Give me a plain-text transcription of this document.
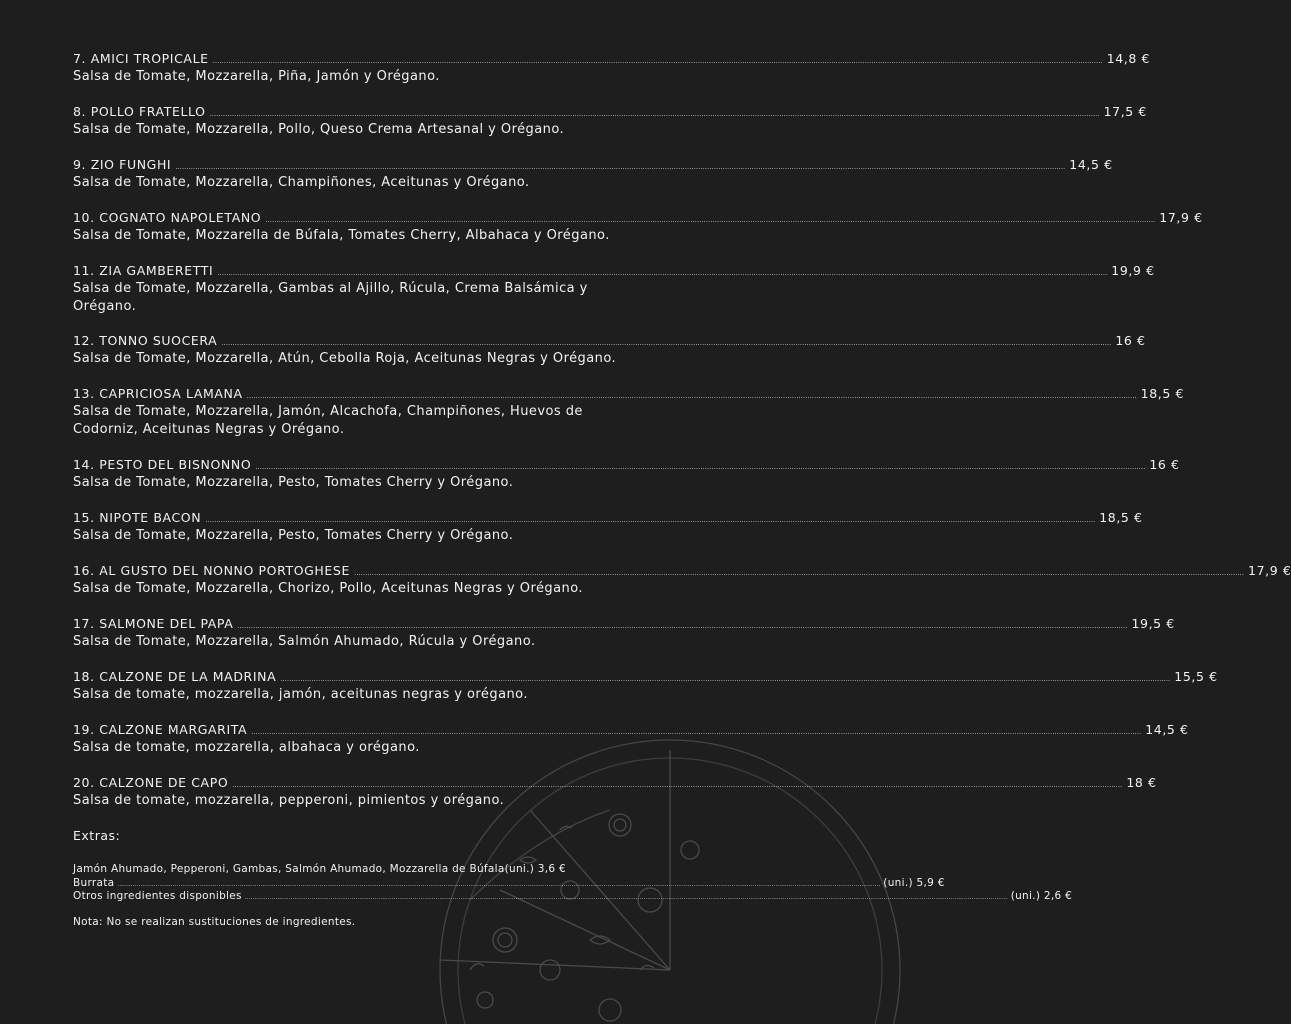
7. AMICI TROPICALE ................................................................................................................................................................................................................................................................................................................................................................................................................ 14,8 €
Salsa de Tomate, Mozzarella, Piña, Jamón y Orégano.
8. POLLO FRATELLO ................................................................................................................................................................................................................................................................................................................................................................................................................ 17,5 €
Salsa de Tomate, Mozzarella, Pollo, Queso Crema Artesanal y Orégano.
9. ZIO FUNGHI ................................................................................................................................................................................................................................................................................................................................................................................................................ 14,5 €
Salsa de Tomate, Mozzarella, Champiñones, Aceitunas y Orégano.
10. COGNATO NAPOLETANO ................................................................................................................................................................................................................................................................................................................................................................................................................ 17,9 €
Salsa de Tomate, Mozzarella de Búfala, Tomates Cherry, Albahaca y Orégano.
11. ZIA GAMBERETTI ................................................................................................................................................................................................................................................................................................................................................................................................................ 19,9 €
Salsa de Tomate, Mozzarella, Gambas al Ajillo, Rúcula, Crema Balsámica y Orégano.
12. TONNO SUOCERA ................................................................................................................................................................................................................................................................................................................................................................................................................ 16 €
Salsa de Tomate, Mozzarella, Atún, Cebolla Roja, Aceitunas Negras y Orégano.
13. CAPRICIOSA LAMANA ................................................................................................................................................................................................................................................................................................................................................................................................................ 18,5 €
Salsa de Tomate, Mozzarella, Jamón, Alcachofa, Champiñones, Huevos de Codorniz, Aceitunas Negras y Orégano.
14. PESTO DEL BISNONNO ................................................................................................................................................................................................................................................................................................................................................................................................................ 16 €
Salsa de Tomate, Mozzarella, Pesto, Tomates Cherry y Orégano.
15. NIPOTE BACON ................................................................................................................................................................................................................................................................................................................................................................................................................ 18,5 €
Salsa de Tomate, Mozzarella, Pesto, Tomates Cherry y Orégano.
16. AL GUSTO DEL NONNO PORTOGHESE ................................................................................................................................................................................................................................................................................................................................................................................................................ 17,9 €
Salsa de Tomate, Mozzarella, Chorizo, Pollo, Aceitunas Negras y Orégano.
17. SALMONE DEL PAPA ................................................................................................................................................................................................................................................................................................................................................................................................................ 19,5 €
Salsa de Tomate, Mozzarella, Salmón Ahumado, Rúcula y Orégano.
18. CALZONE DE LA MADRINA ................................................................................................................................................................................................................................................................................................................................................................................................................ 15,5 €
Salsa de tomate, mozzarella, jamón, aceitunas negras y orégano.
19. CALZONE MARGARITA ................................................................................................................................................................................................................................................................................................................................................................................................................ 14,5 €
Salsa de tomate, mozzarella, albahaca y orégano.
20. CALZONE DE CAPO ................................................................................................................................................................................................................................................................................................................................................................................................................ 18 €
Salsa de tomate, mozzarella, pepperoni, pimientos y orégano.
Extras:
Jamón Ahumado, Pepperoni, Gambas, Salmón Ahumado, Mozzarella de Búfala (uni.) 3,6 €
Burrata ................................................................................................................................................................................................................................................................................................................................................................................................................ (uni.) 5,9 €
Otros ingredientes disponibles ................................................................................................................................................................................................................................................................................................................................................................................................................ (uni.) 2,6 €
Nota: No se realizan sustituciones de ingredientes.
